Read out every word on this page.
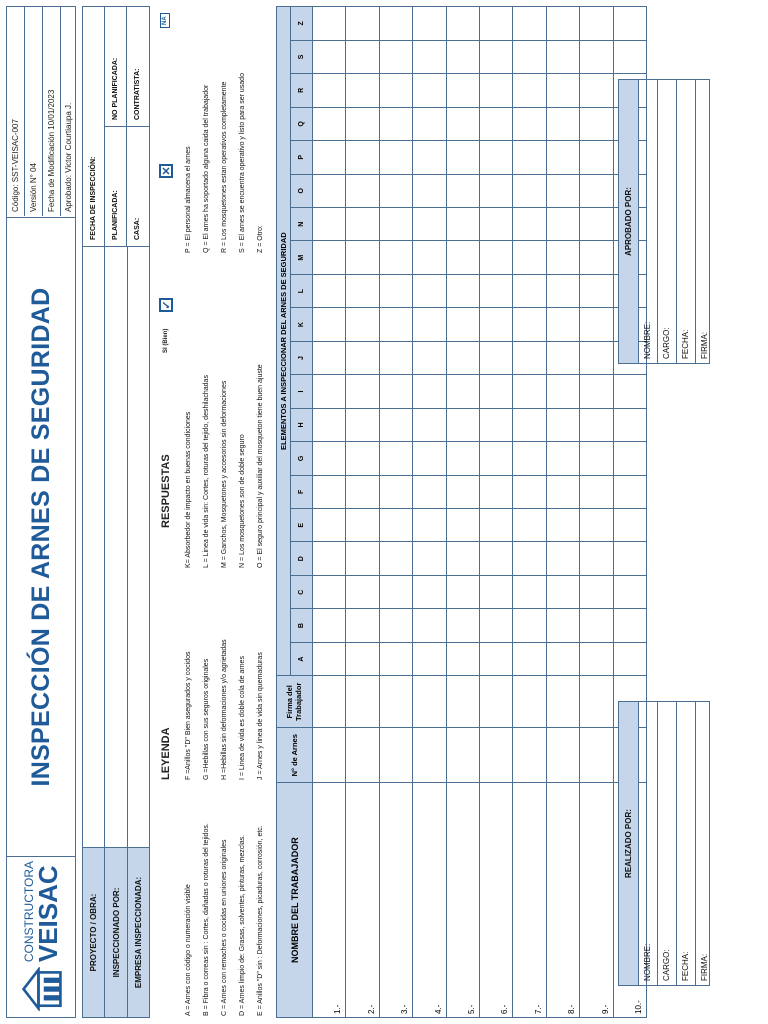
CONSTRUCTORA
VEISAC
INSPECCIÓN DE ARNES DE SEGURIDAD
Código: SST-VEISAC-007	Versión N° 04	Fecha de Modificación 10/01/2023	Aprobado: Victor Courtiaupa J.
PROYECTO / OBRA:	INSPECCIONADO POR:	EMPRESA INSPECCIONADA:
FECHA DE INSPECCIÓN:	PLANIFICADA:
NO PLANIFICADA:
CASA:
CONTRATISTA:
LEYENDA
RESPUESTAS
SI (Bien)
✓
✕
NA
A = Arnes con código o numeración visible	B = Fibra o correas sin : Cortes, dañadas o roturas del tejidos.	C = Arnes con remaches o cocidas en uniones originales	D = Arnes limpio de: Grasas, solventes, pinturas, mezclas.	E = Anillos "D" sin : Deformaciones, picaduras, corrosión, etc.
F =Anillos "D" Bien asegurados y cocidos	G =Hebillas con sus seguros originales	H =Hebillas sin deformaciones y/o agrietadas	I = Linea de vida es doble cola de arnes	J = Arnes y linea de vida sin quemaduras
K= Absorbedor de impacto en buenas condiciones	L = Linea de vida sin: Cortes, roturas del tejido, deshilachadas	M = Ganchos, Mosquetones y accesorios sin deformaciones	N = Los mosquetones son de doble seguro	O = El seguro principal y auxiliar del mosqueton tiene buen ajuste
P = El personal almacena el arnes	Q = El arnes ha soportado alguna caida del trabajador	R = Los mosquetones estan operativos completamente	S = El arnes se encuentra operativo y listo para ser usado	Z = Otro:
NOMBRE DEL TRABAJADOR	N° de Arnes	Firma del Trabajador	ELEMENTOS A INSPECCIONAR DEL ARNES DE SEGURIDAD																			
			A	B	C	D	E	F	G	H	I	J	K	L	M	N	O	P	Q	R	S	Z
1.-																						
2.-																						
3.-																						
4.-																						
5.-																						
6.-																						
7.-																						
8.-																						
9.-																						
10.-																						
REALIZADO POR:
NOMBRE:	CARGO:	FECHA:	FIRMA:
APROBADO POR:
NOMBRE:	CARGO:	FECHA:	FIRMA:
